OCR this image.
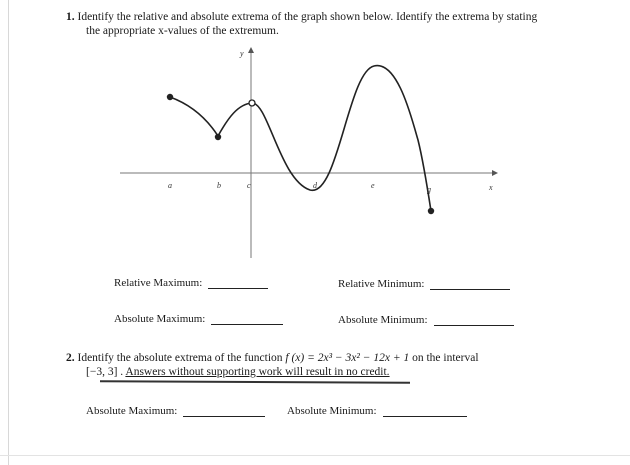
1. Identify the relative and absolute extrema of the graph shown below. Identify the extrema by stating
the appropriate x-values of the extremum.
y
x
a	b	c	d	e	g
Relative Maximum:	Relative Minimum:
Absolute Maximum:	Absolute Minimum:
2. Identify the absolute extrema of the function f (x) = 2x³ − 3x² − 12x + 1 on the interval
[−3, 3] . Answers without supporting work will result in no credit.
Absolute Maximum:	Absolute Minimum:
